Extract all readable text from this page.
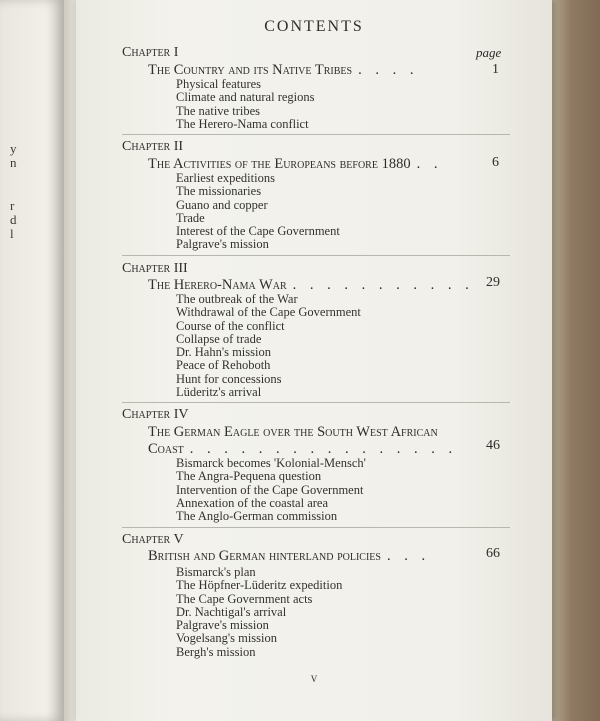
y
n
r
d
l
CONTENTS
page
Chapter I
The Country and its Native Tribes . . . .	1
Physical features
Climate and natural regions
The native tribes
The Herero-Nama conflict
Chapter II
The Activities of the Europeans before 1880 . .	6
Earliest expeditions
The missionaries
Guano and copper
Trade
Interest of the Cape Government
Palgrave's mission
Chapter III
The Herero-Nama War . . . . . . . . . . . 29
The outbreak of the War
Withdrawal of the Cape Government
Course of the conflict
Collapse of trade
Dr. Hahn's mission
Peace of Rehoboth
Hunt for concessions
Lüderitz's arrival
Chapter IV
The German Eagle over the South West African
Coast . . . . . . . . . . . . . . . . 46
Bismarck becomes 'Kolonial-Mensch'
The Angra-Pequena question
Intervention of the Cape Government
Annexation of the coastal area
The Anglo-German commission
Chapter V
British and German hinterland policies . . .	66
Bismarck's plan
The Höpfner-Lüderitz expedition
The Cape Government acts
Dr. Nachtigal's arrival
Palgrave's mission
Vogelsang's mission
Bergh's mission
v
